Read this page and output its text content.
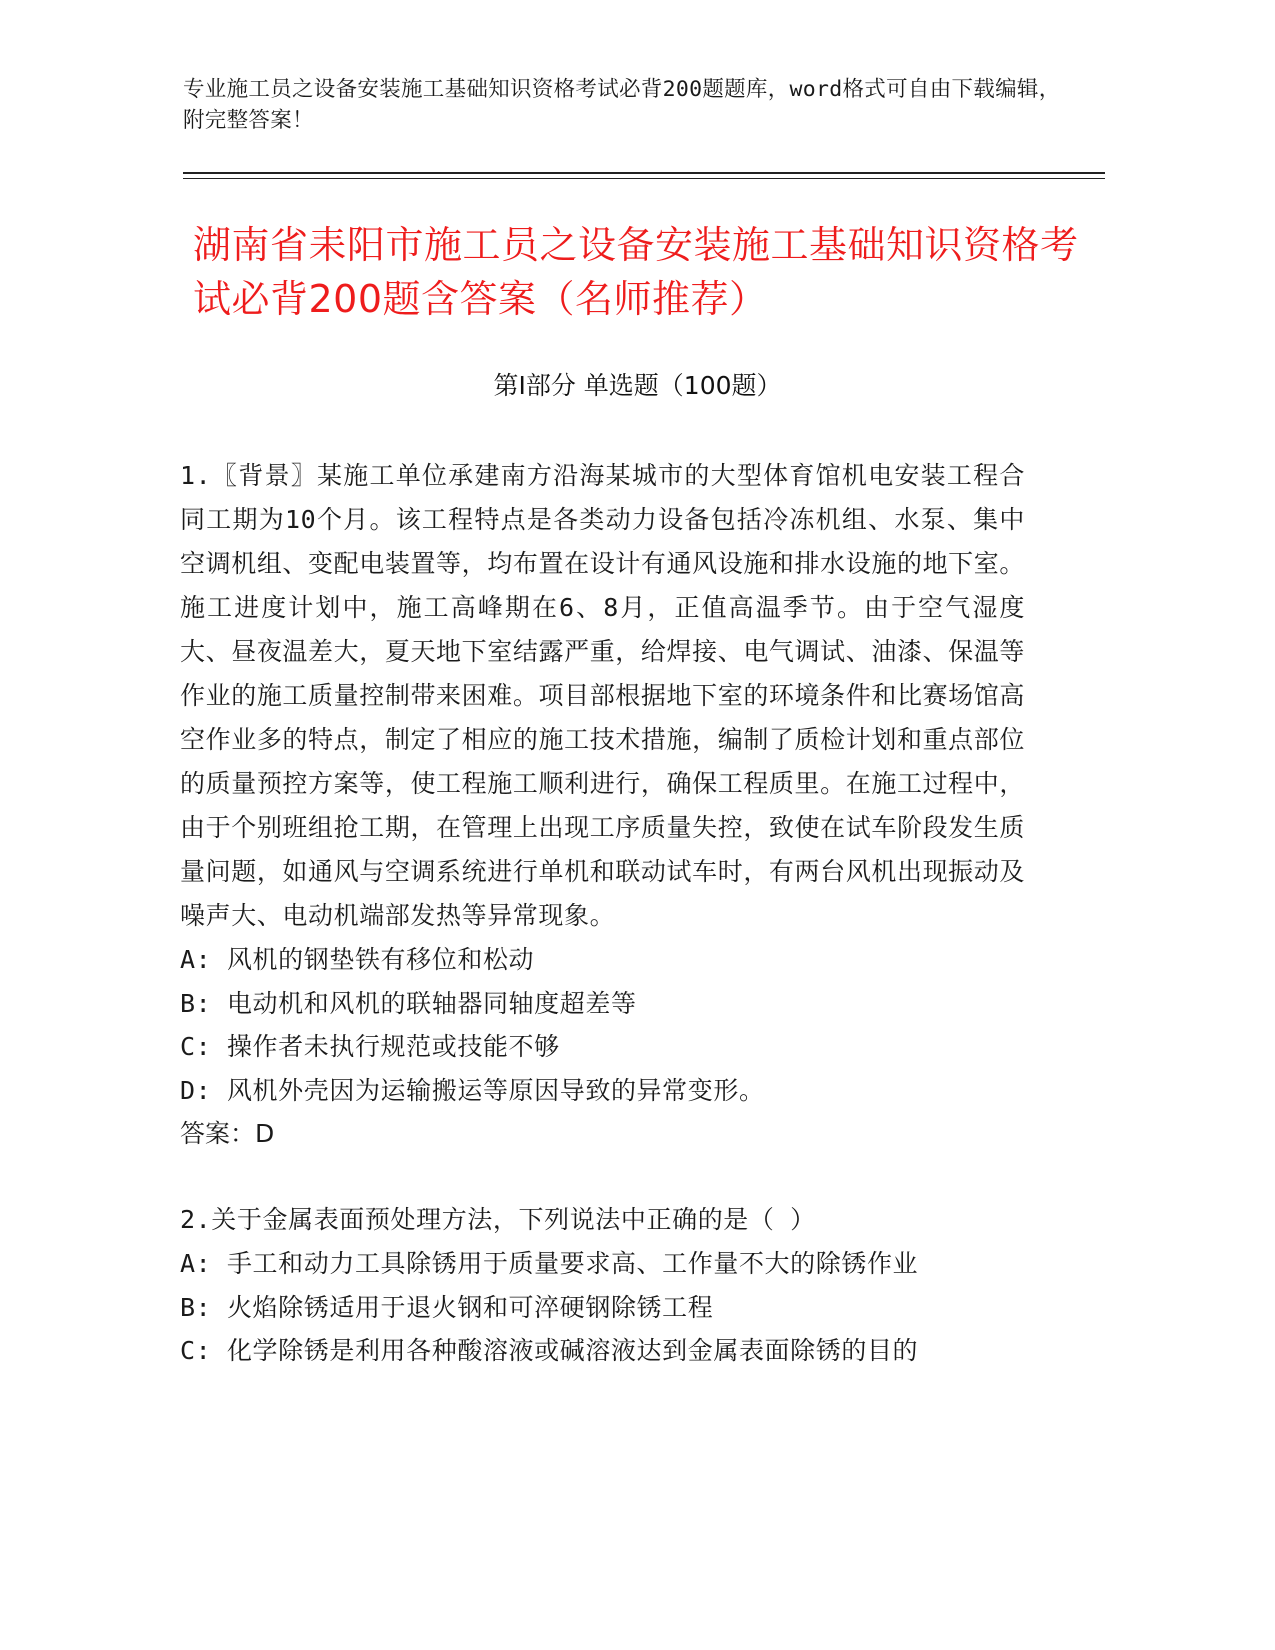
专业施工员之设备安装施工基础知识资格考试必背200题题库，word格式可自由下载编辑，附完整答案！
湖南省耒阳市施工员之设备安装施工基础知识资格考试必背200题含答案（名师推荐）
第Ⅰ部分 单选题（100题）
1.〖背景〗某施工单位承建南方沿海某城市的大型体育馆机电安装工程合同工期为10个月。该工程特点是各类动力设备包括冷冻机组、水泵、集中空调机组、变配电装置等，均布置在设计有通风设施和排水设施的地下室。施工进度计划中，施工高峰期在6、8月，正值高温季节。由于空气湿度大、昼夜温差大，夏天地下室结露严重，给焊接、电气调试、油漆、保温等作业的施工质量控制带来困难。项目部根据地下室的环境条件和比赛场馆高空作业多的特点，制定了相应的施工技术措施，编制了质检计划和重点部位的质量预控方案等，使工程施工顺利进行，确保工程质里。在施工过程中，由于个别班组抢工期，在管理上出现工序质量失控，致使在试车阶段发生质量问题，如通风与空调系统进行单机和联动试车时，有两台风机出现振动及噪声大、电动机端部发热等异常现象。
A: 风机的钢垫铁有移位和松动
B: 电动机和风机的联轴器同轴度超差等
C: 操作者未执行规范或技能不够
D: 风机外壳因为运输搬运等原因导致的异常变形。
答案：D
2.关于金属表面预处理方法，下列说法中正确的是（ ）
A: 手工和动力工具除锈用于质量要求高、工作量不大的除锈作业
B: 火焰除锈适用于退火钢和可淬硬钢除锈工程
C: 化学除锈是利用各种酸溶液或碱溶液达到金属表面除锈的目的
